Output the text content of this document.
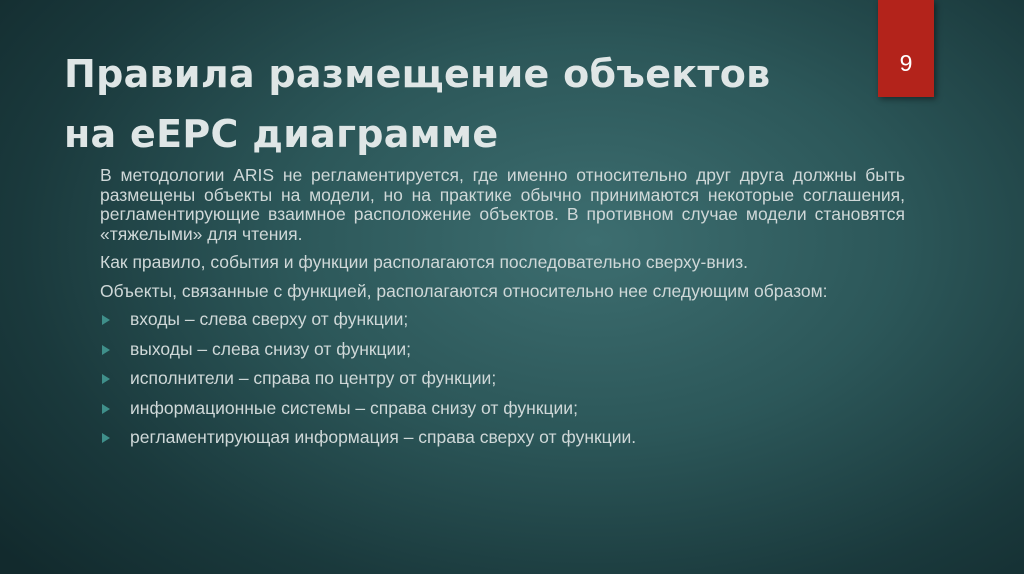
Правила размещение объектов
на еЕРС диаграмме
9

В методологии ARIS не регламентируется, где именно относительно друг друга должны быть размещены объекты на модели, но на практике обычно принимаются некоторые соглашения, регламентирующие взаимное расположение объектов. В противном случае модели становятся «тяжелыми» для чтения.

Как правило, события и функции располагаются последовательно сверху-вниз.

Объекты, связанные с функцией, располагаются относительно нее следующим образом:

входы – слева сверху от функции;
выходы – слева снизу от функции;
исполнители – справа по центру от функции;
информационные системы – справа снизу от функции;
регламентирующая информация – справа сверху от функции.
